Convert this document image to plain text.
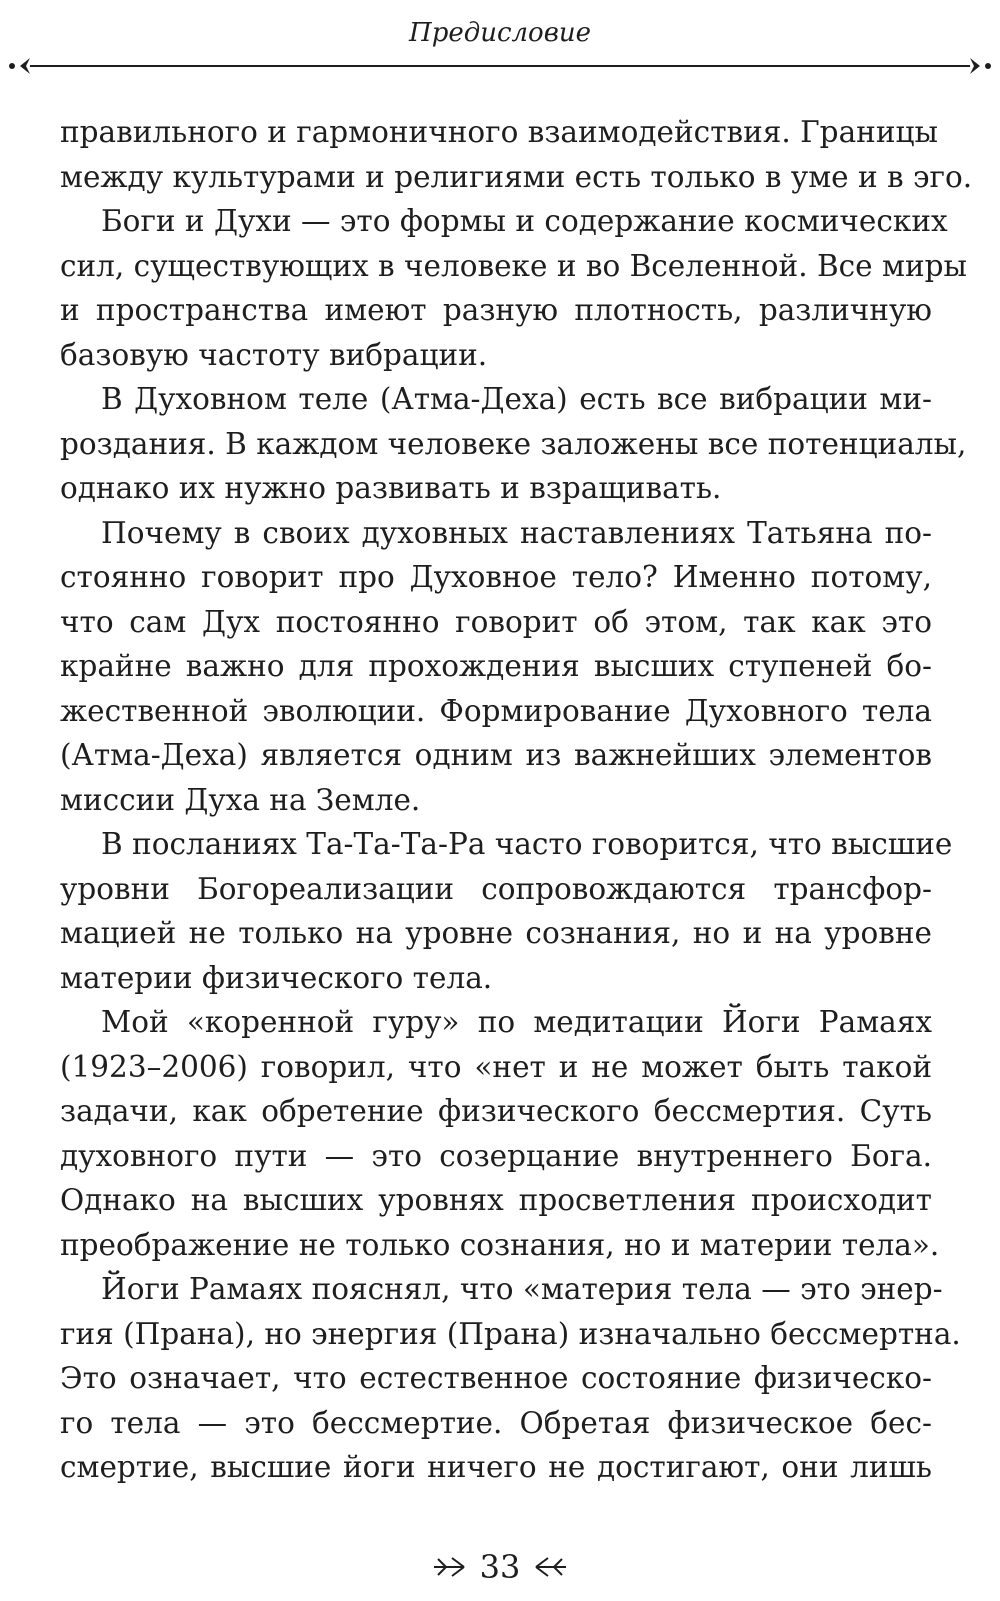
Предисловие
правильного и гармоничного взаимодействия. Границы
между культурами и религиями есть только в уме и в эго.
Боги и Духи — это формы и содержание космических
сил, существующих в человеке и во Вселенной. Все миры
и пространства имеют разную плотность, различную
базовую частоту вибрации.
В Духовном теле (Атма-Деха) есть все вибрации ми-
роздания. В каждом человеке заложены все потенциалы,
однако их нужно развивать и взращивать.
Почему в своих духовных наставлениях Татьяна по-
стоянно говорит про Духовное тело? Именно потому,
что сам Дух постоянно говорит об этом, так как это
крайне важно для прохождения высших ступеней бо-
жественной эволюции. Формирование Духовного тела
(Атма-Деха) является одним из важнейших элементов
миссии Духа на Земле.
В посланиях Та-Та-Та-Ра часто говорится, что высшие
уровни Богореализации сопровождаются трансфор-
мацией не только на уровне сознания, но и на уровне
материи физического тела.
Мой «коренной гуру» по медитации Йоги Рамаях
(1923–2006) говорил, что «нет и не может быть такой
задачи, как обретение физического бессмертия. Суть
духовного пути — это созерцание внутреннего Бога.
Однако на высших уровнях просветления происходит
преображение не только сознания, но и материи тела».
Йоги Рамаях пояснял, что «материя тела — это энер-
гия (Прана), но энергия (Прана) изначально бессмертна.
Это означает, что естественное состояние физическо-
го тела — это бессмертие. Обретая физическое бес-
смертие, высшие йоги ничего не достигают, они лишь
33
